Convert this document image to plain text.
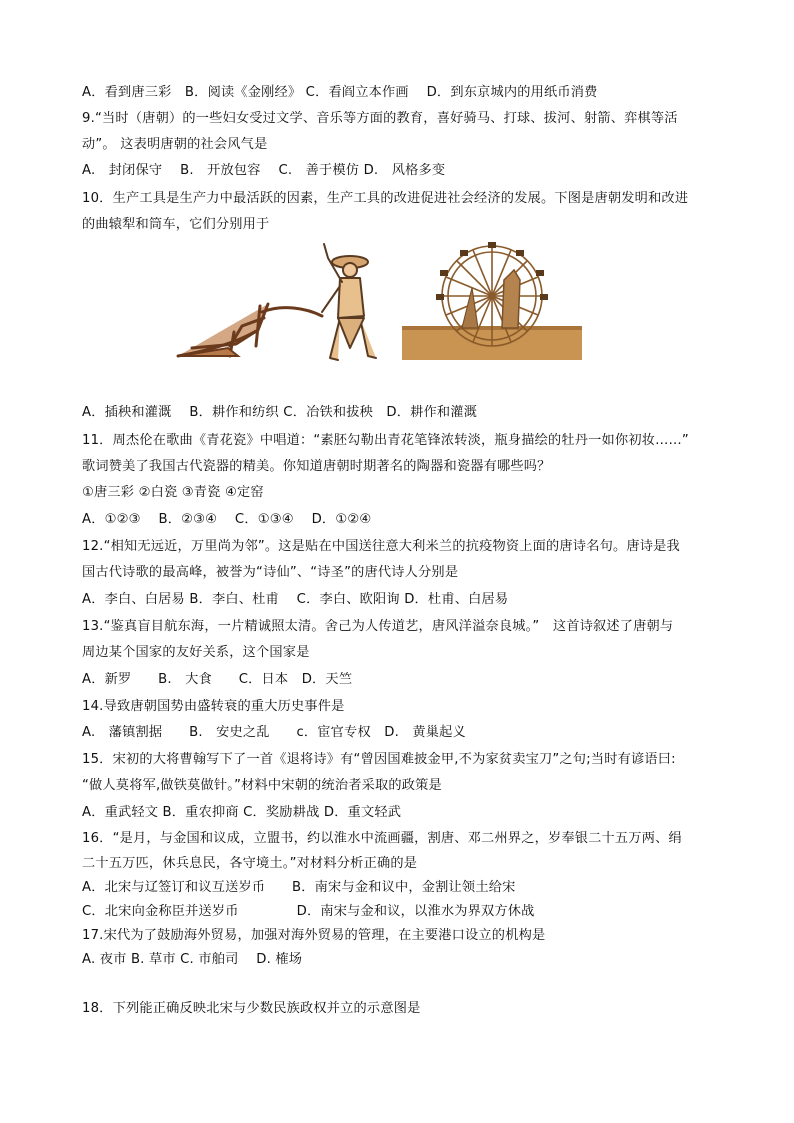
A．看到唐三彩　B．阅读《金刚经》 C．看阎立本作画　 D．到东京城内的用纸币消费
9.“当时（唐朝）的一些妇女受过文学、音乐等方面的教育，喜好骑马、打球、拔河、射箭、弈棋等活
动”。 这表明唐朝的社会风气是
A.　封闭保守　 B.　开放包容　 C.　善于模仿 D.　风格多变
10．生产工具是生产力中最活跃的因素，生产工具的改进促进社会经济的发展。下图是唐朝发明和改进
的曲辕犁和筒车，它们分别用于
A．插秧和灌溉　 B．耕作和纺织 C．冶铁和拔秧　D．耕作和灌溉
11．周杰伦在歌曲《青花瓷》中唱道：“素胚勾勒出青花笔锋浓转淡，瓶身描绘的牡丹一如你初妆……”
歌词赞美了我国古代瓷器的精美。你知道唐朝时期著名的陶器和瓷器有哪些吗？
①唐三彩 ②白瓷 ③青瓷 ④定窑
A．①②③　 B．②③④　 C．①③④　 D．①②④
12.“相知无远近，万里尚为邻”。这是贴在中国送往意大利米兰的抗疫物资上面的唐诗名句。唐诗是我
国古代诗歌的最高峰，被誉为“诗仙”、“诗圣”的唐代诗人分别是
A．李白、白居易 B．李白、杜甫　 C．李白、欧阳询 D．杜甫、白居易
13.“鉴真盲目航东海，一片精诚照太清。舍己为人传道艺，唐风洋溢奈良城。”　这首诗叙述了唐朝与
周边某个国家的友好关系，这个国家是
A．新罗　　B.　大食　　C．日本　D．天竺
14.导致唐朝国势由盛转衰的重大历史事件是
A.　藩镇割据　　B.　安史之乱　　c．宦官专权　D.　黄巢起义
15．宋初的大将曹翰写下了一首《退将诗》有“曾因国难披金甲,不为家贫卖宝刀”之句;当时有谚语曰:
“做人莫将军,做铁莫做针。”材料中宋朝的统治者采取的政策是
A．重武轻文 B．重农抑商 C．奖励耕战 D．重文轻武
16．“是月，与金国和议成，立盟书，约以淮水中流画疆，割唐、邓二州界之，岁奉银二十五万两、绢
二十五万匹，休兵息民，各守境土。”对材料分析正确的是
A．北宋与辽签订和议互送岁币　　B．南宋与金和议中，金割让领土给宋
C．北宋向金称臣并送岁币　　　　 D．南宋与金和议，以淮水为界双方休战
17.宋代为了鼓励海外贸易，加强对海外贸易的管理，在主要港口设立的机构是
A. 夜市 B. 草市 C. 市舶司　 D. 榷场
18．下列能正确反映北宋与少数民族政权并立的示意图是
